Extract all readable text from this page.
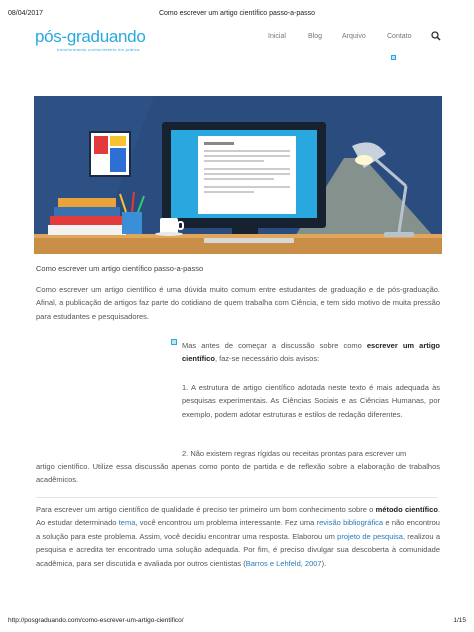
08/04/2017	Como escrever um artigo científico passo-a-passo
pós-graduando
transformando conhecimento em prática
Inicial	Blog	Arquivo	Contato
Como escrever um artigo científico passo-a-passo

Como escrever um artigo científico é uma dúvida muito comum entre estudantes de graduação e de pós-graduação. Afinal, a publicação de artigos faz parte do cotidiano de quem trabalha com Ciência, e tem sido motivo de muita pressão para estudantes e pesquisadores.

Mas antes de começar a discussão sobre como escrever um artigo científico, faz-se necessário dois avisos:

1. A estrutura de artigo científico adotada neste texto é mais adequada às pesquisas experimentais. As Ciências Sociais e as Ciências Humanas, por exemplo, podem adotar estruturas e estilos de redação diferentes.

2. Não existem regras rígidas ou receitas prontas para escrever um

artigo científico. Utilize essa discussão apenas como ponto de partida e de reflexão sobre a elaboração de trabalhos acadêmicos.

Para escrever um artigo científico de qualidade é preciso ter primeiro um bom conhecimento sobre o método científico. Ao estudar determinado tema, você encontrou um problema interessante. Fez uma revisão bibliográfica e não encontrou a solução para este problema. Assim, você decidiu encontrar uma resposta. Elaborou um projeto de pesquisa, realizou a pesquisa e acredita ter encontrado uma solução adequada. Por fim, é preciso divulgar sua descoberta à comunidade acadêmica, para ser discutida e avaliada por outros cientistas (Barros e Lehfeld, 2007).

http://posgraduando.com/como-escrever-um-artigo-cientifico/	1/15
